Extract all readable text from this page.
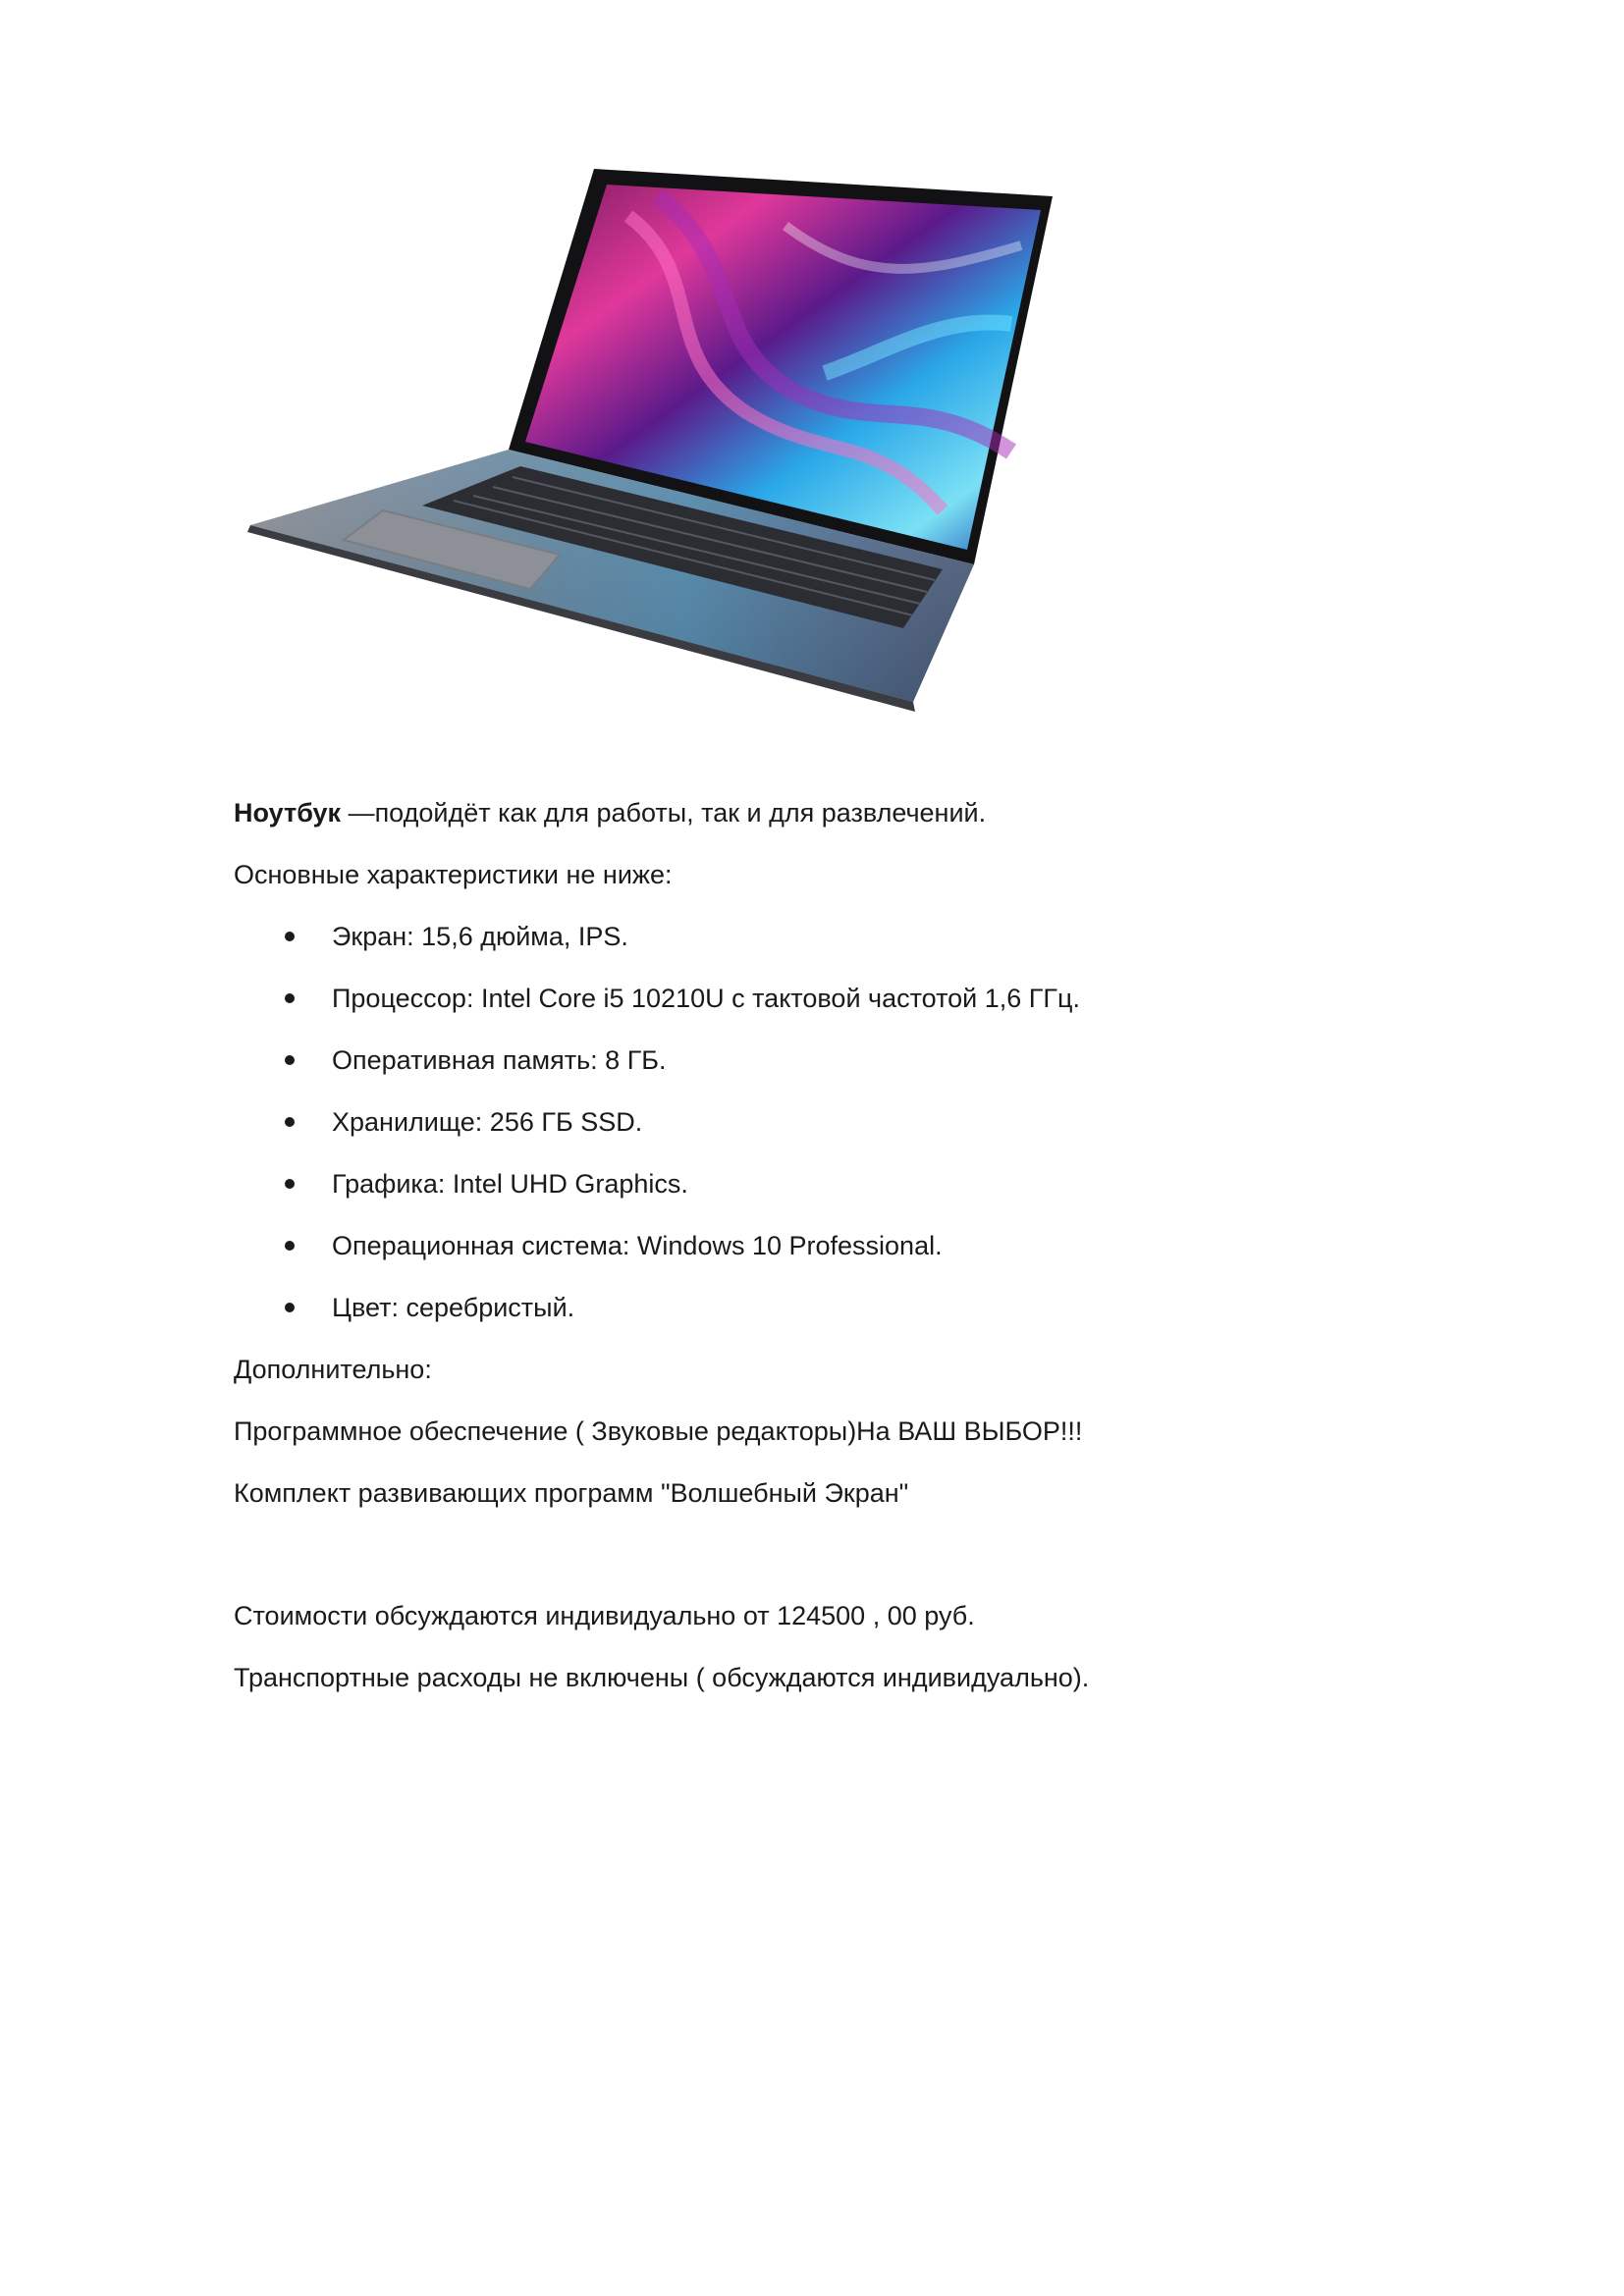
Ноутбук —подойдёт как для работы, так и для развлечений.

Основные характеристики не ниже:

Экран: 15,6 дюйма, IPS.
Процессор: Intel Core i5 10210U с тактовой частотой 1,6 ГГц.
Оперативная память: 8 ГБ.
Хранилище: 256 ГБ SSD.
Графика: Intel UHD Graphics.
Операционная система: Windows 10 Professional.
Цвет: серебристый.

Дополнительно:

Программное обеспечение ( Звуковые редакторы)На ВАШ ВЫБОР!!!

Комплект развивающих программ "Волшебный Экран"

Стоимости обсуждаются индивидуально от 124500 , 00 руб.

Транспортные расходы не включены ( обсуждаются индивидуально).
